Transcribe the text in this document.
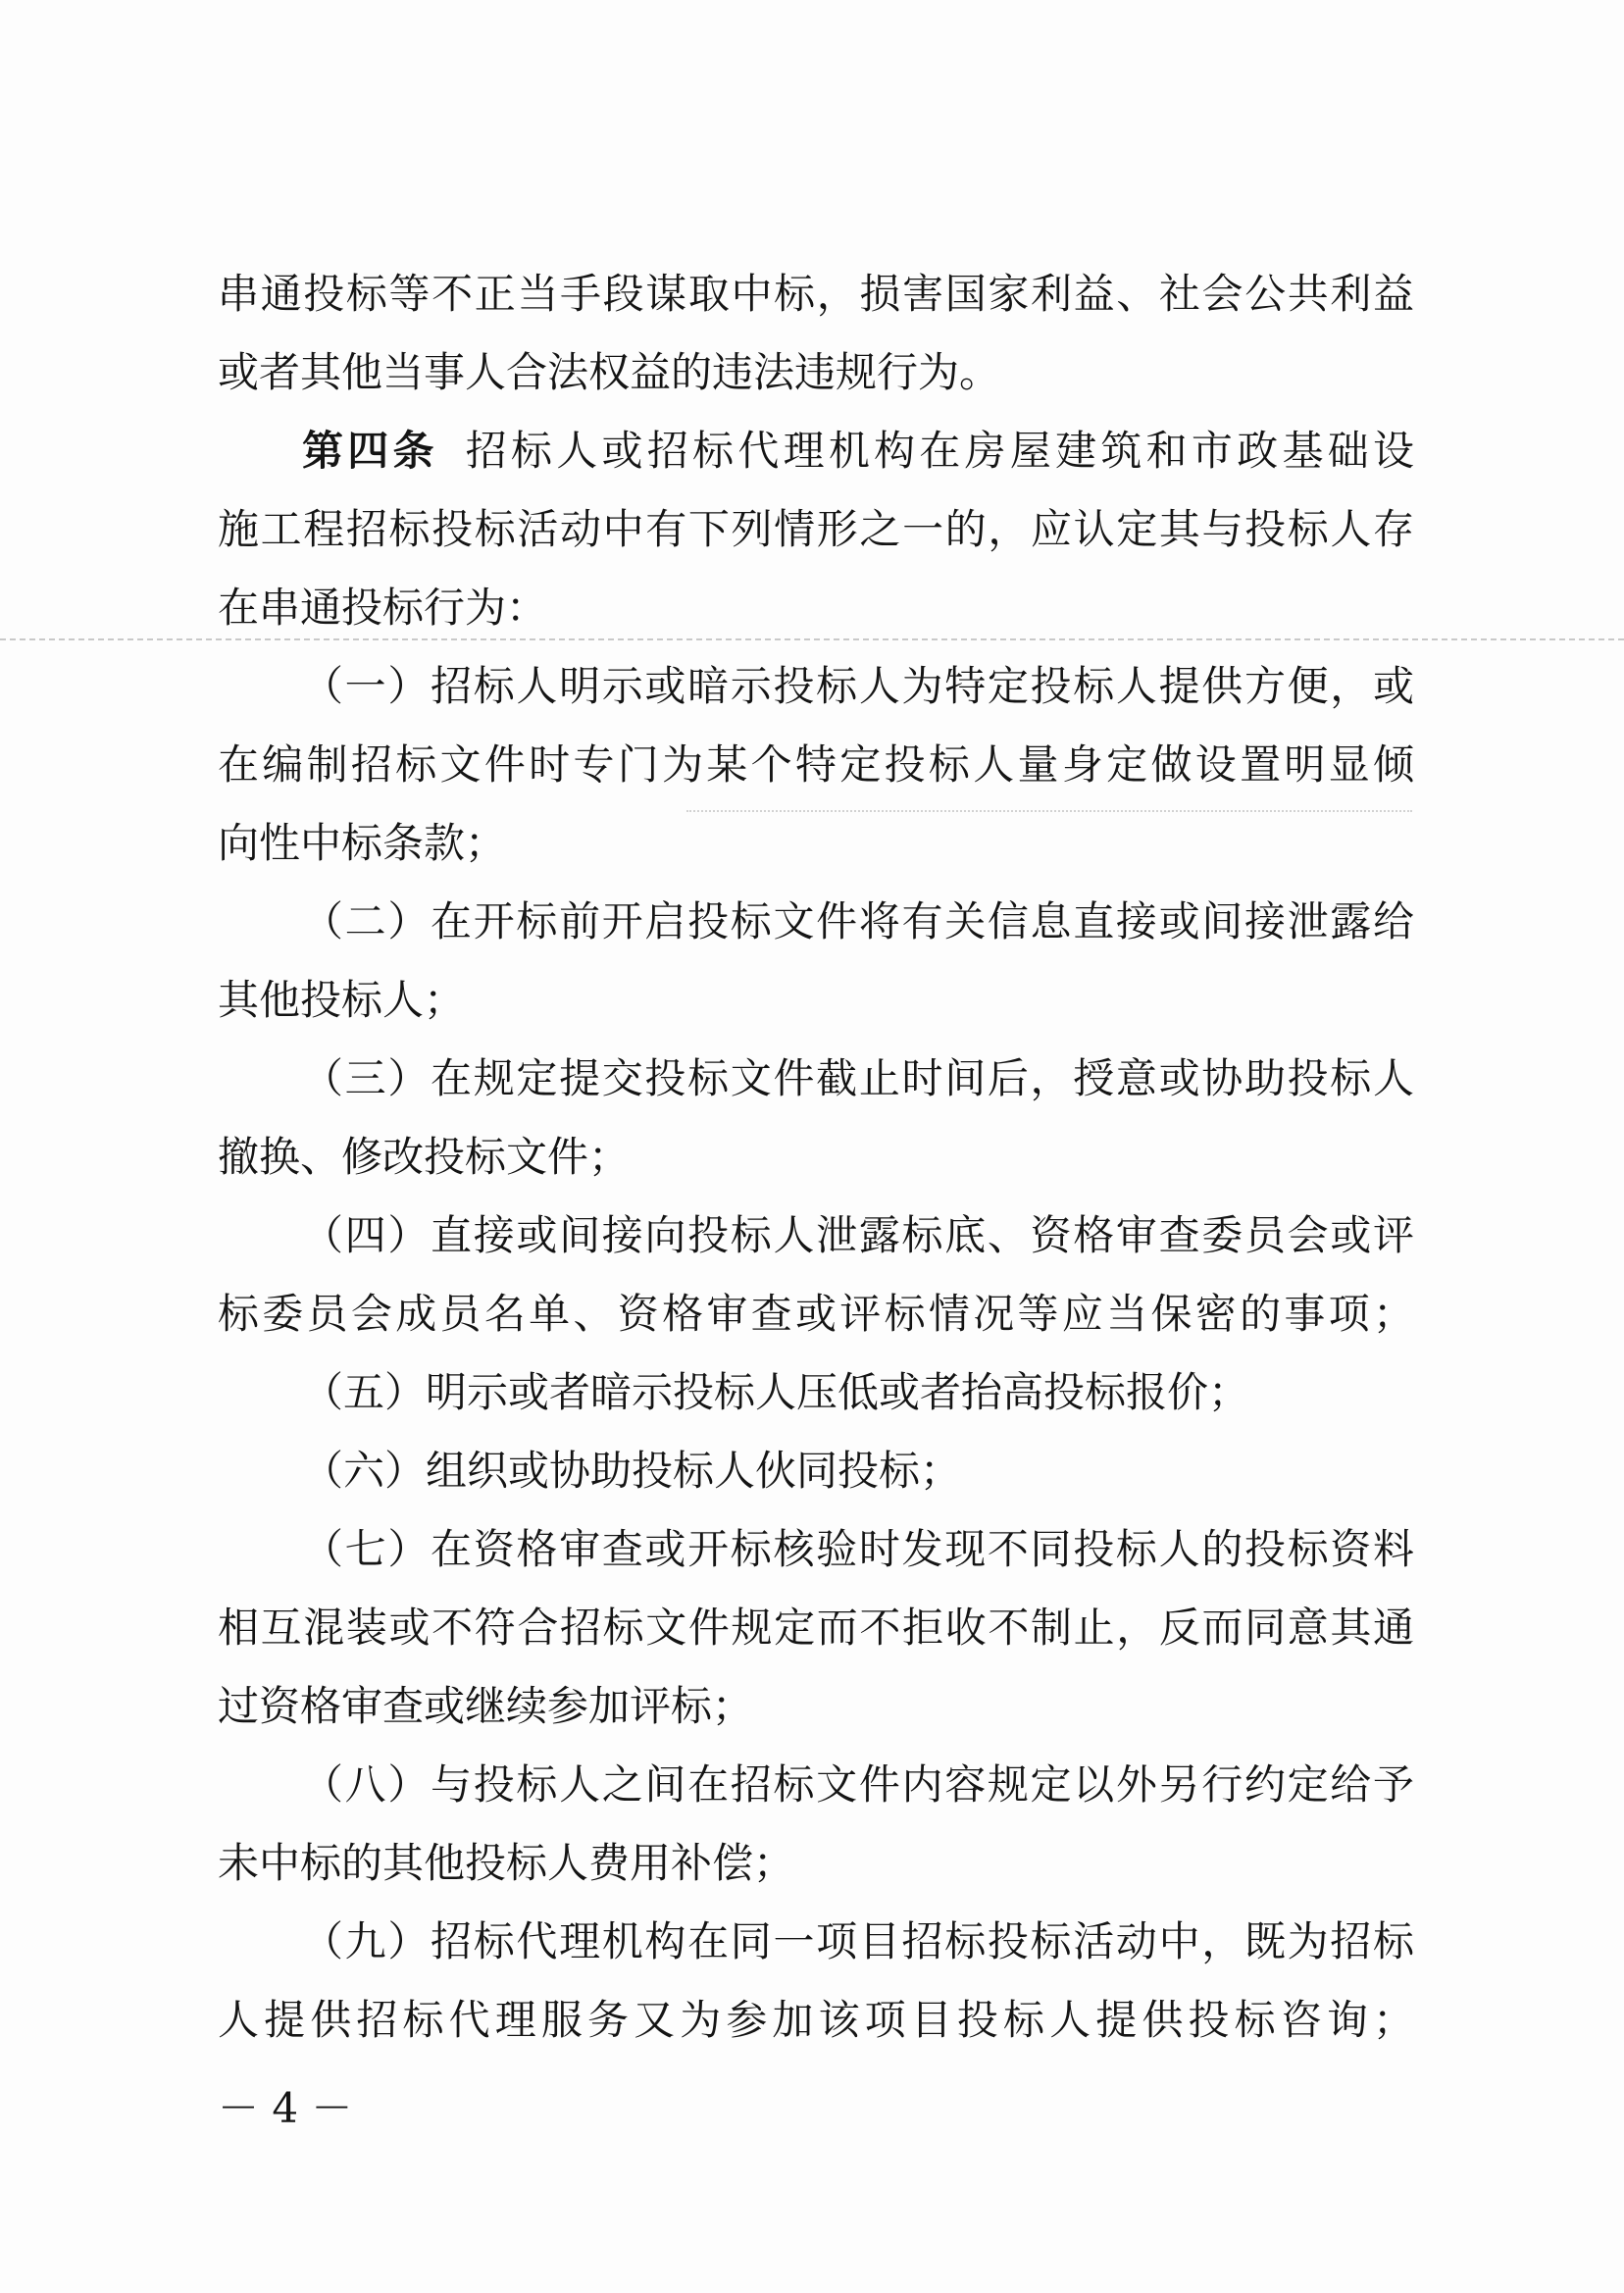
串通投标等不正当手段谋取中标，损害国家利益、社会公共利益
或者其他当事人合法权益的违法违规行为。
第四条 招标人或招标代理机构在房屋建筑和市政基础设
施工程招标投标活动中有下列情形之一的，应认定其与投标人存
在串通投标行为：
（一）招标人明示或暗示投标人为特定投标人提供方便，或
在编制招标文件时专门为某个特定投标人量身定做设置明显倾
向性中标条款；
（二）在开标前开启投标文件将有关信息直接或间接泄露给
其他投标人；
（三）在规定提交投标文件截止时间后，授意或协助投标人
撤换、修改投标文件；
（四）直接或间接向投标人泄露标底、资格审查委员会或评
标委员会成员名单、资格审查或评标情况等应当保密的事项；
（五）明示或者暗示投标人压低或者抬高投标报价；
（六）组织或协助投标人伙同投标；
（七）在资格审查或开标核验时发现不同投标人的投标资料
相互混装或不符合招标文件规定而不拒收不制止，反而同意其通
过资格审查或继续参加评标；
（八）与投标人之间在招标文件内容规定以外另行约定给予
未中标的其他投标人费用补偿；
（九）招标代理机构在同一项目招标投标活动中，既为招标
人提供招标代理服务又为参加该项目投标人提供投标咨询；
－ 4 －
